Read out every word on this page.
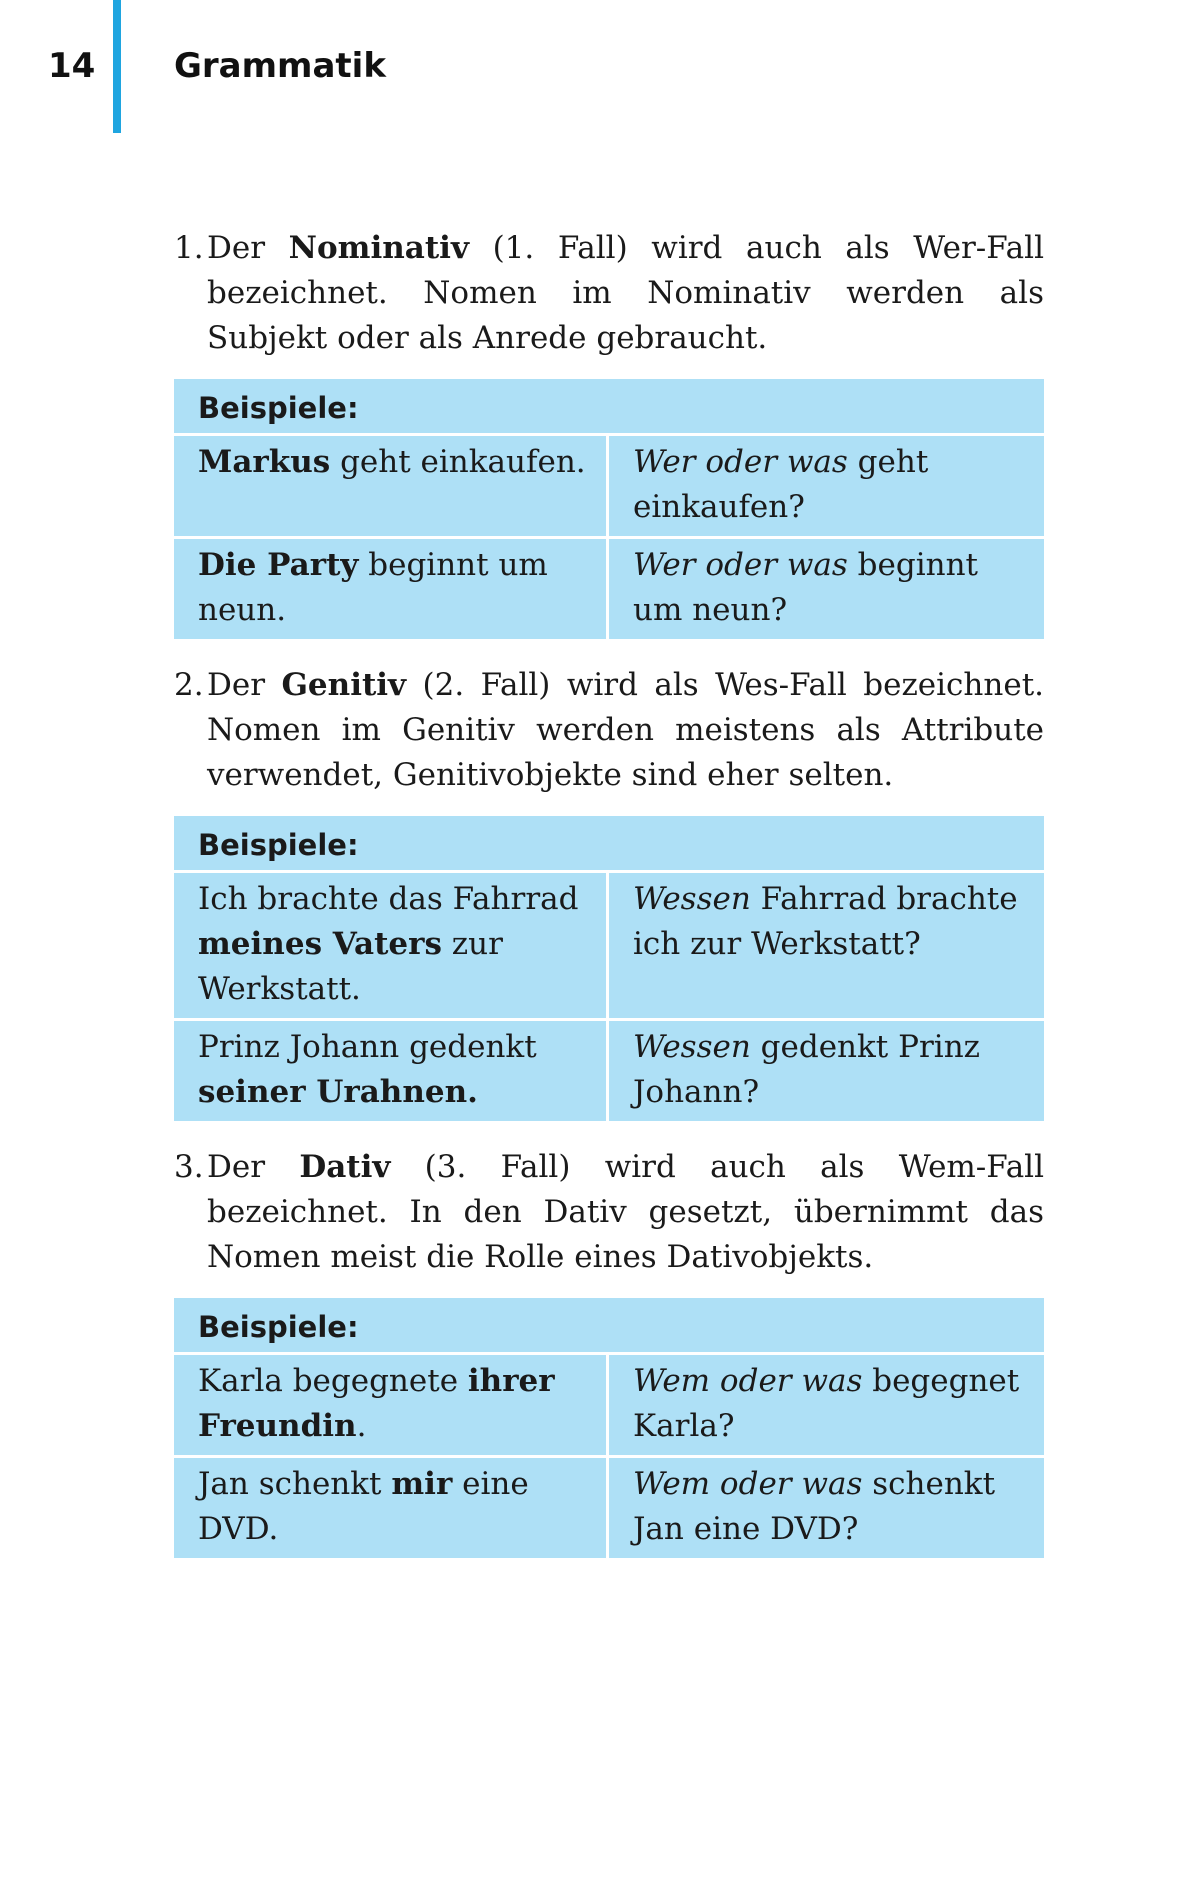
14 Grammatik

1. Der Nominativ (1. Fall) wird auch als Wer-Fall bezeichnet. Nomen im Nominativ werden als Subjekt oder als Anrede gebraucht.

Beispiele:	
Markus geht einkaufen.	Wer oder was geht einkaufen?
Die Party beginnt um neun.	Wer oder was beginnt um neun?

2. Der Genitiv (2. Fall) wird als Wes-Fall bezeichnet. Nomen im Genitiv werden meistens als Attribute verwendet, Genitivobjekte sind eher selten.

Beispiele:	
Ich brachte das Fahrrad meines Vaters zur Werkstatt.	Wessen Fahrrad brachte ich zur Werkstatt?
Prinz Johann gedenkt seiner Urahnen.	Wessen gedenkt Prinz Johann?

3. Der Dativ (3. Fall) wird auch als Wem-Fall bezeichnet. In den Dativ gesetzt, übernimmt das Nomen meist die Rolle eines Dativobjekts.

Beispiele:	
Karla begegnete ihrer Freundin.	Wem oder was begegnet Karla?
Jan schenkt mir eine DVD.	Wem oder was schenkt Jan eine DVD?
